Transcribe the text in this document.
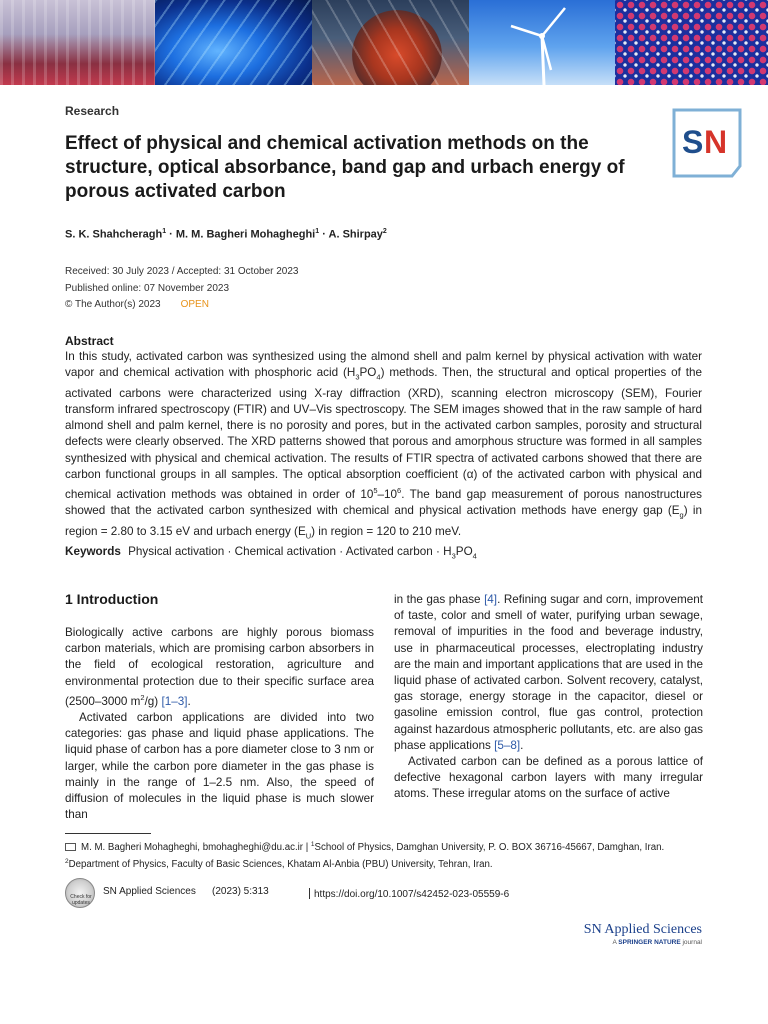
S N
Research
Effect of physical and chemical activation methods on the structure, optical absorbance, band gap and urbach energy of porous activated carbon
S. K. Shahcheragh$^1$ · M. M. Bagheri Mohagheghi$^1$ · A. Shirpay$^2$
Received: 30 July 2023 / Accepted: 31 October 2023
Published online: 07 November 2023
© The Author(s) 2023 OPEN
Abstract
In this study, activated carbon was synthesized using the almond shell and palm kernel by physical activation with water vapor and chemical activation with phosphoric acid $(H_3PO_4)$ methods. Then, the structural and optical properties of the activated carbons were characterized using X-ray diffraction (XRD), scanning electron microscopy (SEM), Fourier transform infrared spectroscopy (FTIR) and UV–Vis spectroscopy. The SEM images showed that in the raw sample of hard almond shell and palm kernel, there is no porosity and pores, but in the activated carbon samples, porosity and structural defects were clearly observed. The XRD patterns showed that porous and amorphous structure was formed in all samples synthesized with physical and chemical activation. The results of FTIR spectra of activated carbons showed that there are carbon functional groups in all samples. The optical absorption coefficient (α) of the activated carbon with physical and chemical activation methods was obtained in order of $10^5-10^6$. The band gap measurement of porous nanostructures showed that the activated carbon synthesized with chemical and physical activation methods have energy gap $(E_g)$ in region = 2.80 to 3.15 eV and urbach energy $(E_U)$ in region = 120 to 210 meV.
Keywords Physical activation · Chemical activation · Activated carbon · $H_3PO_4$
1 Introduction

Biologically active carbons are highly porous biomass carbon materials, which are promising carbon absorbers in the field of ecological restoration, agriculture and environmental protection due to their specific surface area (2500–3000 $m^2/g$) [1–3].

Activated carbon applications are divided into two categories: gas phase and liquid phase applications. The liquid phase of carbon has a pore diameter close to 3 nm or larger, while the carbon pore diameter in the gas phase is mainly in the range of 1–2.5 nm. Also, the speed of diffusion of molecules in the liquid phase is much slower than

in the gas phase [4]. Refining sugar and corn, improvement of taste, color and smell of water, purifying urban sewage, removal of impurities in the food and beverage industry, use in pharmaceutical processes, electroplating industry are the main and important applications that are used in the liquid phase of activated carbon. Solvent recovery, catalyst, gas storage, energy storage in the capacitor, diesel or gasoline emission control, flue gas control, protection against hazardous atmospheric pollutants, etc. are also gas phase applications [5–8].

Activated carbon can be defined as a porous lattice of defective hexagonal carbon layers with many irregular atoms. These irregular atoms on the surface of active

M. M. Bagheri Mohagheghi, bmohagheghi@du.ac.ir | $^1$School of Physics, Damghan University, P. O. BOX 36716-45667, Damghan, Iran. $^2$Department of Physics, Faculty of Basic Sciences, Khatam Al-Anbia (PBU) University, Tehran, Iran.
Check for updates
SN Applied Sciences (2023) 5:313	https://doi.org/10.1007/s42452-023-05559-6
SN Applied Sciences
A SPRINGER NATURE journal
